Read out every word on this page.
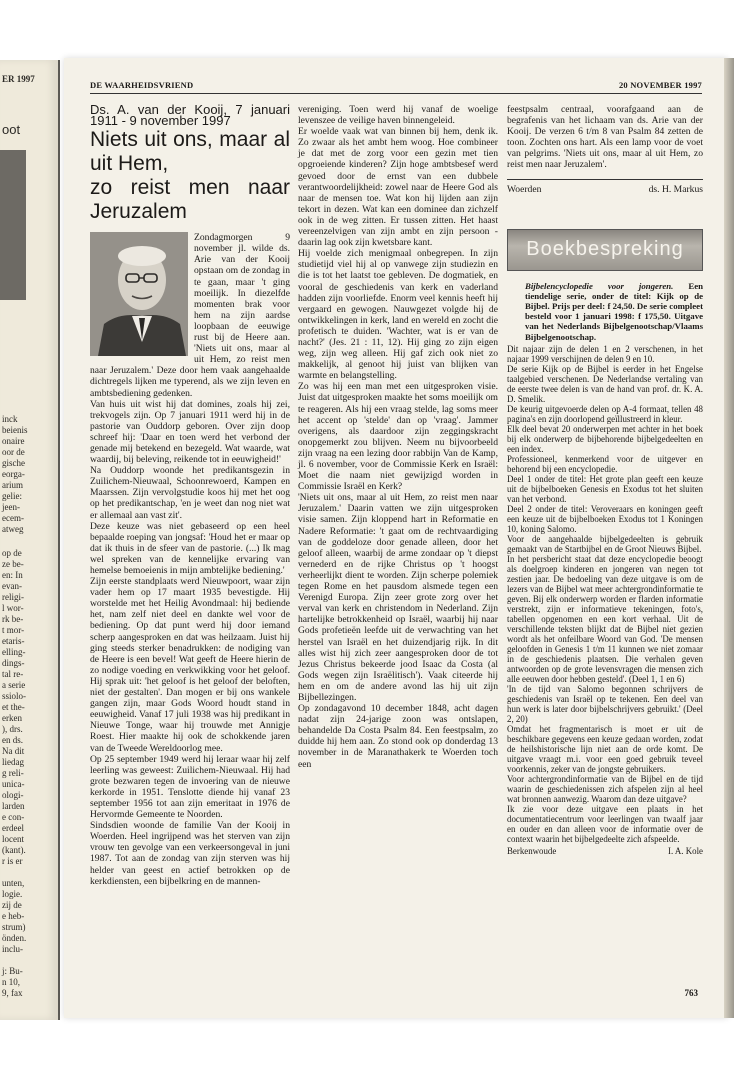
ER 1997
oot
inck
beienis
onaire
oor de
gische
eorga-
arium
gelie:
jeen-
ecem-
atweg
op de
ze be-
en: In
evan-
religi-
l wor-
rk be-
t mor-
etaris-
elling-
dings-
tal re-
a serie
ssiolo-
et the-
erken
), drs.
en ds.
Na dit
liedag
g reli-
unica-
ologi-
larden
e con-
erdeel
locent
(kant).
r is er
unten,
logie.
zij de
e heb-
strum)
önden.
inclu-
j: Bu-
n 10,
9, fax
DE WAARHEIDSVRIEND	20 NOVEMBER 1997
Ds. A. van der Kooij, 7 januari 1911 - 9 november 1997
Niets uit ons, maar al uit Hem,
zo reist men naar Jeruzalem

Zondagmorgen 9 november jl. wilde ds. Arie van der Kooij opstaan om de zondag in te gaan, maar 't ging moeilijk. In diezelfde momenten brak voor hem na zijn aardse loopbaan de eeuwige rust bij de Heere aan. 'Niets uit ons, maar al uit Hem, zo reist men naar Jeruzalem.' Deze door hem vaak aangehaalde dichtregels lijken me typerend, als we zijn leven en ambtsbediening gedenken.

Van huis uit wist hij dat domines, zoals hij zei, trekvogels zijn. Op 7 januari 1911 werd hij in de pastorie van Ouddorp geboren. Over zijn doop schreef hij: 'Daar en toen werd het verbond der genade mij betekend en bezegeld. Wat waarde, wat waardij, bij beleving, reikende tot in eeuwigheid!'

Na Ouddorp woonde het predikantsgezin in Zuilichem-Nieuwaal, Schoonrewoerd, Kampen en Maarssen. Zijn vervolgstudie koos hij met het oog op het predikantschap, 'en je weet dan nog niet wat er allemaal aan vast zit'.

Deze keuze was niet gebaseerd op een heel bepaalde roeping van jongsaf: 'Houd het er maar op dat ik thuis in de sfeer van de pastorie. (...) Ik mag wel spreken van de kennelijke ervaring van hemelse bemoeienis in mijn ambtelijke bediening.'

Zijn eerste standplaats werd Nieuwpoort, waar zijn vader hem op 17 maart 1935 bevestigde. Hij worstelde met het Heilig Avondmaal: hij bediende het, nam zelf niet deel en dankte wel voor de bediening. Op dat punt werd hij door iemand scherp aangesproken en dat was heilzaam. Juist hij ging steeds sterker benadrukken: de nodiging van de Heere is een bevel! Wat geeft de Heere hierin de zo nodige voeding en verkwikking voor het geloof. Hij sprak uit: 'het geloof is het geloof der beloften, niet der gestalten'. Dan mogen er bij ons wankele gangen zijn, maar Gods Woord houdt stand in eeuwigheid. Vanaf 17 juli 1938 was hij predikant in Nieuwe Tonge, waar hij trouwde met Annigje Roest. Hier maakte hij ook de schokkende jaren van de Tweede Wereldoorlog mee.

Op 25 september 1949 werd hij leraar waar hij zelf leerling was geweest: Zuilichem-Nieuwaal. Hij had grote bezwaren tegen de invoering van de nieuwe kerkorde in 1951. Tenslotte diende hij vanaf 23 september 1956 tot aan zijn emeritaat in 1976 de Hervormde Gemeente te Noorden.

Sindsdien woonde de familie Van der Kooij in Woerden. Heel ingrijpend was het sterven van zijn vrouw ten gevolge van een verkeersongeval in juni 1987. Tot aan de zondag van zijn sterven was hij helder van geest en actief betrokken op de kerkdiensten, een bijbelkring en de mannen-

vereniging. Toen werd hij vanaf de woelige levenszee de veilige haven binnengeleid.

Er woelde vaak wat van binnen bij hem, denk ik. Zo zwaar als het ambt hem woog. Hoe combineer je dat met de zorg voor een gezin met tien opgroeiende kinderen? Zijn hoge ambtsbesef werd gevoed door de ernst van een dubbele verantwoordelijkheid: zowel naar de Heere God als naar de mensen toe. Wat kon hij lijden aan zijn tekort in dezen. Wat kan een dominee dan zichzelf ook in de weg zitten. Er tussen zitten. Het haast vereenzelvigen van zijn ambt en zijn persoon - daarin lag ook zijn kwetsbare kant.

Hij voelde zich menigmaal onbegrepen. In zijn studietijd viel hij al op vanwege zijn studiezin en die is tot het laatst toe gebleven. De dogmatiek, en vooral de geschiedenis van kerk en vaderland hadden zijn voorliefde. Enorm veel kennis heeft hij vergaard en gewogen. Nauwgezet volgde hij de ontwikkelingen in kerk, land en wereld en zocht die profetisch te duiden. 'Wachter, wat is er van de nacht?' (Jes. 21 : 11, 12). Hij ging zo zijn eigen weg, zijn weg alleen. Hij gaf zich ook niet zo makkelijk, al genoot hij juist van blijken van warmte en belangstelling.

Zo was hij een man met een uitgesproken visie. Juist dat uitgesproken maakte het soms moeilijk om te reageren. Als hij een vraag stelde, lag soms meer het accent op 'stelde' dan op 'vraag'. Jammer overigens, als daardoor zijn zeggingskracht onopgemerkt zou blijven. Neem nu bijvoorbeeld zijn vraag na een lezing door rabbijn Van de Kamp, jl. 6 november, voor de Commissie Kerk en Israël: Moet die naam niet gewijzigd worden in Commissie Israël en Kerk?

'Niets uit ons, maar al uit Hem, zo reist men naar Jeruzalem.' Daarin vatten we zijn uitgesproken visie samen. Zijn kloppend hart in Reformatie en Nadere Reformatie: 't gaat om de rechtvaardiging van de goddeloze door genade alleen, door het geloof alleen, waarbij de arme zondaar op 't diepst vernederd en de rijke Christus op 't hoogst verheerlijkt dient te worden. Zijn scherpe polemiek tegen Rome en het pausdom alsmede tegen een Verenigd Europa. Zijn zeer grote zorg over het verval van kerk en christendom in Nederland. Zijn hartelijke betrokkenheid op Israël, waarbij hij naar Gods profetieën leefde uit de verwachting van het herstel van Israël en het duizendjarig rijk. In dit alles wist hij zich zeer aangesproken door de tot Jezus Christus bekeerde jood Isaac da Costa (al Gods wegen zijn Israëlitisch'). Vaak citeerde hij hem en om de andere avond las hij uit zijn Bijbellezingen.

Op zondagavond 10 december 1848, acht dagen nadat zijn 24-jarige zoon was ontslapen, behandelde Da Costa Psalm 84. Een feestpsalm, zo duidde hij hem aan. Zo stond ook op donderdag 13 november in de Maranathakerk te Woerden toch een

feestpsalm centraal, voorafgaand aan de begrafenis van het lichaam van ds. Arie van der Kooij. De verzen 6 t/m 8 van Psalm 84 zetten de toon. Zochten ons hart. Als een lamp voor de voet van pelgrims. 'Niets uit ons, maar al uit Hem, zo reist men naar Jeruzalem'.

Woerden	ds. H. Markus
Boekbespreking
Bijbelencyclopedie voor jongeren. Een tiendelige serie, onder de titel: Kijk op de Bijbel. Prijs per deel: f 24,50. De serie compleet besteld voor 1 januari 1998: f 175,50. Uitgave van het Nederlands Bijbelgenootschap/Vlaams Bijbelgenootschap.

Dit najaar zijn de delen 1 en 2 verschenen, in het najaar 1999 verschijnen de delen 9 en 10.

De serie Kijk op de Bijbel is eerder in het Engelse taalgebied verschenen. De Nederlandse vertaling van de eerste twee delen is van de hand van prof. dr. K. A. D. Smelik.

De keurig uitgevoerde delen op A-4 formaat, tellen 48 pagina's en zijn doorlopend geïllustreerd in kleur.

Elk deel bevat 20 onderwerpen met achter in het boek bij elk onderwerp de bijbehorende bijbelgedeelten en een index.

Professioneel, kenmerkend voor de uitgever en behorend bij een encyclopedie.

Deel 1 onder de titel: Het grote plan geeft een keuze uit de bijbelboeken Genesis en Exodus tot het sluiten van het verbond.

Deel 2 onder de titel: Veroveraars en koningen geeft een keuze uit de bijbelboeken Exodus tot 1 Koningen 10, koning Salomo.

Voor de aangehaalde bijbelgedeelten is gebruik gemaakt van de Startbijbel en de Groot Nieuws Bijbel.

In het persbericht staat dat deze encyclopedie beoogt als doelgroep kinderen en jongeren van negen tot zestien jaar. De bedoeling van deze uitgave is om de lezers van de Bijbel wat meer achtergrondinformatie te geven. Bij elk onderwerp worden er flarden informatie verstrekt, zijn er informatieve tekeningen, foto's, tabellen opgenomen en een kort verhaal. Uit de verschillende teksten blijkt dat de Bijbel niet gezien wordt als het onfeilbare Woord van God. 'De mensen geloofden in Genesis 1 t/m 11 kunnen we niet zomaar in de geschiedenis plaatsen. Die verhalen geven antwoorden op de grote levensvragen die mensen zich alle eeuwen door hebben gesteld'. (Deel 1, 1 en 6)

'In de tijd van Salomo begonnen schrijvers de geschiedenis van Israël op te tekenen. Een deel van hun werk is later door bijbelschrijvers gebruikt.' (Deel 2, 20)

Omdat het fragmentarisch is moet er uit de beschikbare gegevens een keuze gedaan worden, zodat de heilshistorische lijn niet aan de orde komt. De uitgave vraagt m.i. voor een goed gebruik teveel voorkennis, zeker van de jongste gebruikers.

Voor achtergrondinformatie van de Bijbel en de tijd waarin de geschiedenissen zich afspelen zijn al heel wat bronnen aanwezig. Waarom dan deze uitgave?

Ik zie voor deze uitgave een plaats in het documentatiecentrum voor leerlingen van twaalf jaar en ouder en dan alleen voor de informatie over de context waarin het bijbelgedeelte zich afspeelde.

Berkenwoude	I. A. Kole
763
